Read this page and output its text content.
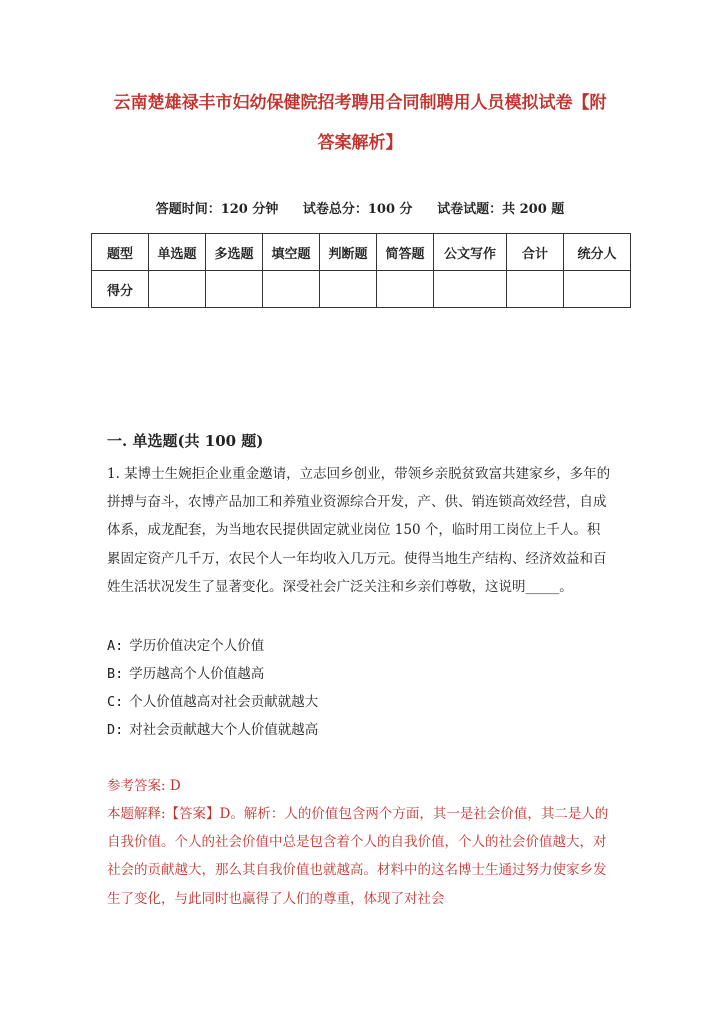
云南楚雄禄丰市妇幼保健院招考聘用合同制聘用人员模拟试卷【附
答案解析】
答题时间：120 分钟 试卷总分：100 分 试卷试题：共 200 题
题型	单选题	多选题	填空题	判断题	简答题	公文写作	合计	统分人
得分								
一. 单选题(共 100 题)

1. 某博士生婉拒企业重金邀请，立志回乡创业，带领乡亲脱贫致富共建家乡，多年的拼搏与奋斗，农博产品加工和养殖业资源综合开发，产、供、销连锁高效经营，自成体系，成龙配套，为当地农民提供固定就业岗位 150 个，临时用工岗位上千人。积累固定资产几千万，农民个人一年均收入几万元。使得当地生产结构、经济效益和百姓生活状况发生了显著变化。深受社会广泛关注和乡亲们尊敬，这说明_____。

A: 学历价值决定个人价值
B: 学历越高个人价值越高
C: 个人价值越高对社会贡献就越大
D: 对社会贡献越大个人价值就越高
参考答案: D
本题解释:【答案】D。解析：人的价值包含两个方面，其一是社会价值，其二是人的自我价值。个人的社会价值中总是包含着个人的自我价值，个人的社会价值越大，对社会的贡献越大，那么其自我价值也就越高。材料中的这名博士生通过努力使家乡发生了变化，与此同时也赢得了人们的尊重，体现了对社会
